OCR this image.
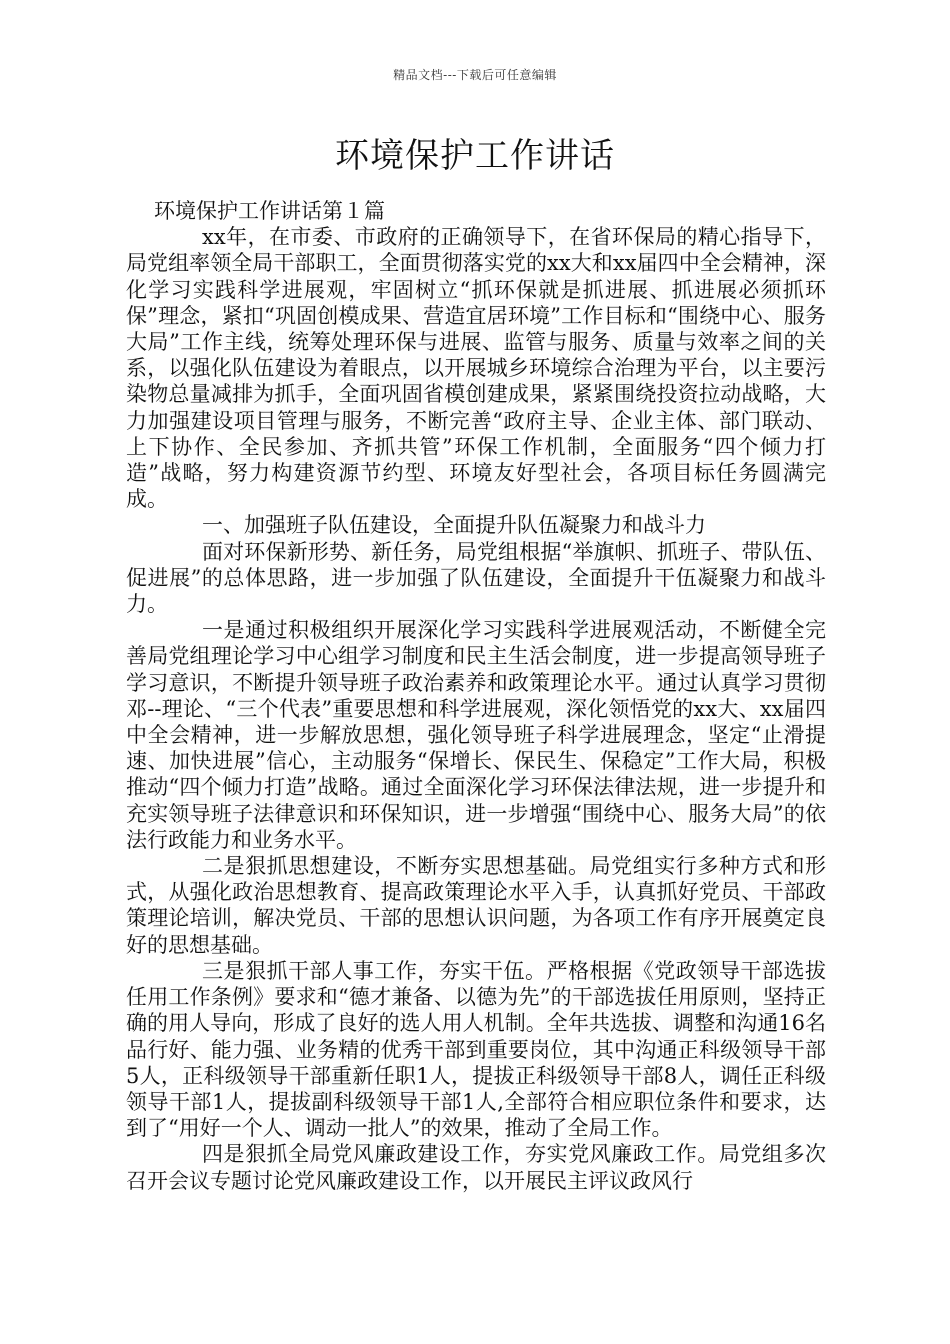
精品文档---下载后可任意编辑
环境保护工作讲话

环境保护工作讲话第１篇

xx年，在市委、市政府的正确领导下，在省环保局的精心指导下，局党组率领全局干部职工，全面贯彻落实党的xx大和xx届四中全会精神，深化学习实践科学进展观，牢固树立“抓环保就是抓进展、抓进展必须抓环保”理念，紧扣“巩固创模成果、营造宜居环境”工作目标和“围绕中心、服务大局”工作主线，统筹处理环保与进展、监管与服务、质量与效率之间的关系，以强化队伍建设为着眼点，以开展城乡环境综合治理为平台，以主要污染物总量减排为抓手，全面巩固省模创建成果，紧紧围绕投资拉动战略，大力加强建设项目管理与服务，不断完善“政府主导、企业主体、部门联动、上下协作、全民参加、齐抓共管”环保工作机制，全面服务“四个倾力打造”战略，努力构建资源节约型、环境友好型社会，各项目标任务圆满完成。

一、加强班子队伍建设，全面提升队伍凝聚力和战斗力

面对环保新形势、新任务，局党组根据“举旗帜、抓班子、带队伍、促进展”的总体思路，进一步加强了队伍建设，全面提升干伍凝聚力和战斗力。

一是通过积极组织开展深化学习实践科学进展观活动，不断健全完善局党组理论学习中心组学习制度和民主生活会制度，进一步提高领导班子学习意识，不断提升领导班子政治素养和政策理论水平。通过认真学习贯彻邓--理论、“三个代表”重要思想和科学进展观，深化领悟党的xx大、xx届四中全会精神，进一步解放思想，强化领导班子科学进展理念，坚定“止滑提速、加快进展”信心，主动服务“保增长、保民生、保稳定”工作大局，积极推动“四个倾力打造”战略。通过全面深化学习环保法律法规，进一步提升和充实领导班子法律意识和环保知识，进一步增强“围绕中心、服务大局”的依法行政能力和业务水平。

二是狠抓思想建设，不断夯实思想基础。局党组实行多种方式和形式，从强化政治思想教育、提高政策理论水平入手，认真抓好党员、干部政策理论培训，解决党员、干部的思想认识问题，为各项工作有序开展奠定良好的思想基础。

三是狠抓干部人事工作，夯实干伍。严格根据《党政领导干部选拔任用工作条例》要求和“德才兼备、以德为先”的干部选拔任用原则，坚持正确的用人导向，形成了良好的选人用人机制。全年共选拔、调整和沟通16名品行好、能力强、业务精的优秀干部到重要岗位，其中沟通正科级领导干部5人，正科级领导干部重新任职1人，提拔正科级领导干部8人，调任正科级领导干部1人，提拔副科级领导干部1人,全部符合相应职位条件和要求，达到了“用好一个人、调动一批人”的效果，推动了全局工作。

四是狠抓全局党风廉政建设工作，夯实党风廉政工作。局党组多次召开会议专题讨论党风廉政建设工作，以开展民主评议政风行
